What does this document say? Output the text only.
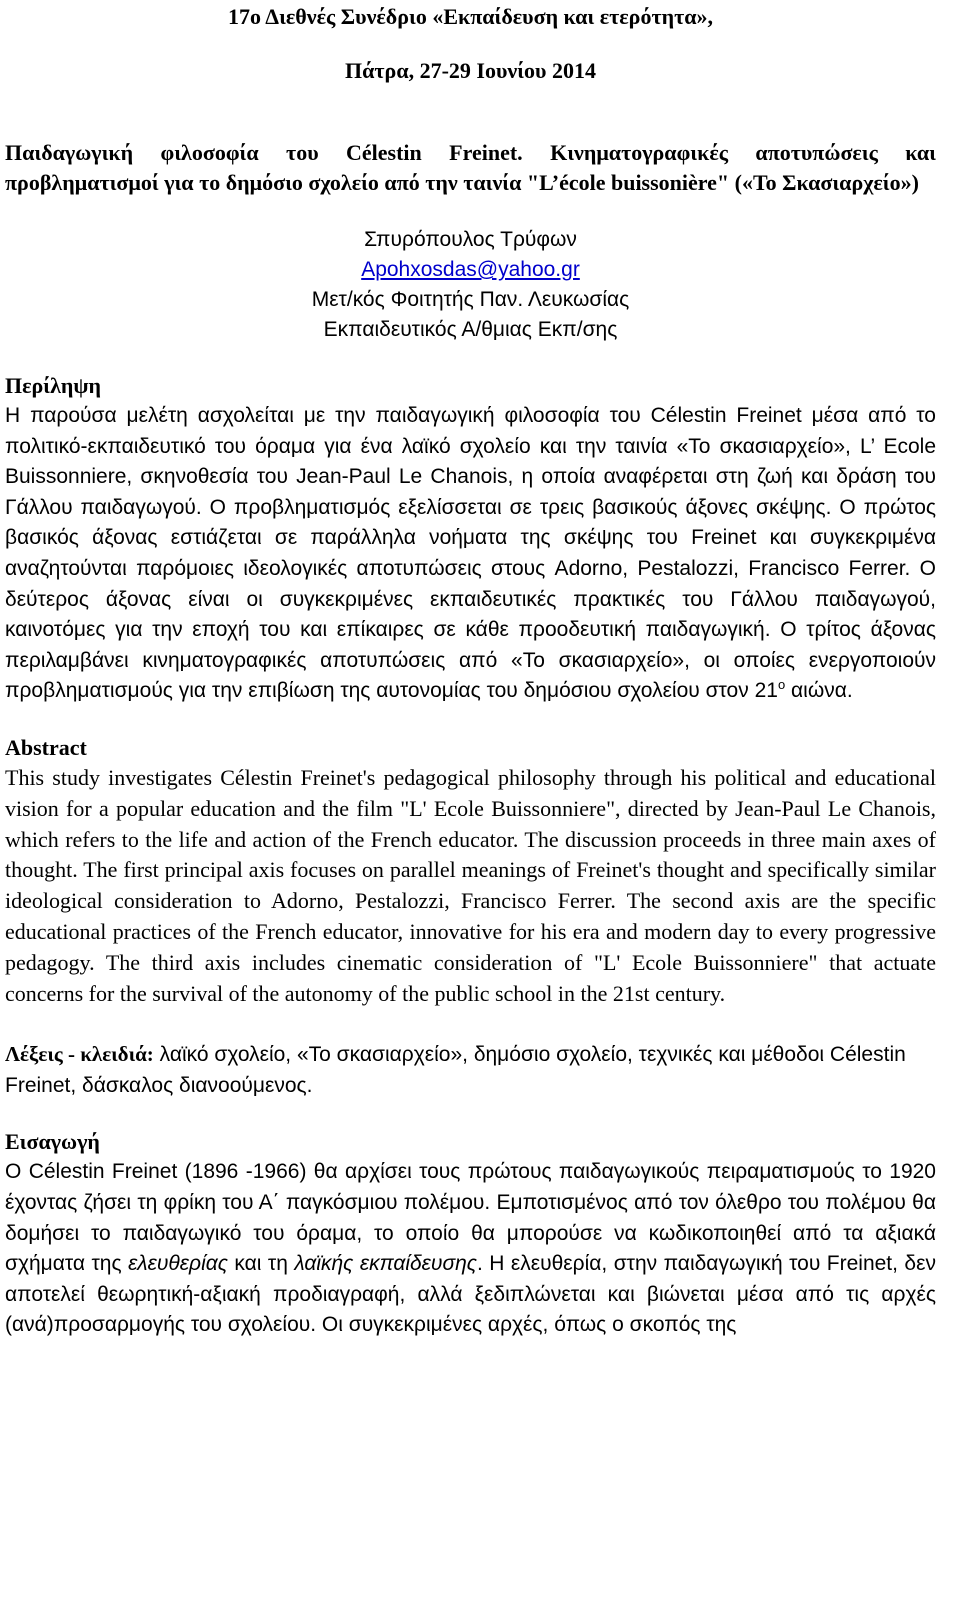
17ο Διεθνές Συνέδριο «Εκπαίδευση και ετερότητα»,
Πάτρα, 27-29 Ιουνίου 2014
Παιδαγωγική φιλοσοφία του Célestin Freinet. Κινηματογραφικές αποτυπώσεις και προβληματισμοί για το δημόσιο σχολείο από την ταινία "L’école buissonière" («Το Σκασιαρχείο»)
Σπυρόπουλος Τρύφων
Apohxosdas@yahoo.gr
Μετ/κός Φοιτητής Παν. Λευκωσίας
Εκπαιδευτικός Α/θμιας Εκπ/σης
Περίληψη

Η παρούσα μελέτη ασχολείται με την παιδαγωγική φιλοσοφία του Célestin Freinet μέσα από το πολιτικό-εκπαιδευτικό του όραμα για ένα λαϊκό σχολείο και την ταινία «Το σκασιαρχείο», L’ Ecole Buissonniere, σκηνοθεσία του Jean-Paul Le Chanois, η οποία αναφέρεται στη ζωή και δράση του Γάλλου παιδαγωγού. Ο προβληματισμός εξελίσσεται σε τρεις βασικούς άξονες σκέψης. Ο πρώτος βασικός άξονας εστιάζεται σε παράλληλα νοήματα της σκέψης του Freinet και συγκεκριμένα αναζητούνται παρόμοιες ιδεολογικές αποτυπώσεις στους Adorno, Pestalozzi, Francisco Ferrer. Ο δεύτερος άξονας είναι οι συγκεκριμένες εκπαιδευτικές πρακτικές του Γάλλου παιδαγωγού, καινοτόμες για την εποχή του και επίκαιρες σε κάθε προοδευτική παιδαγωγική. Ο τρίτος άξονας περιλαμβάνει κινηματογραφικές αποτυπώσεις από «Το σκασιαρχείο», οι οποίες ενεργοποιούν προβληματισμούς για την επιβίωση της αυτονομίας του δημόσιου σχολείου στον $21^o$ αιώνα.

Abstract

This study investigates Célestin Freinet's pedagogical philosophy through his political and educational vision for a popular education and the film "L' Ecole Buissonniere", directed by Jean-Paul Le Chanois, which refers to the life and action of the French educator. The discussion proceeds in three main axes of thought. The first principal axis focuses on parallel meanings of Freinet's thought and specifically similar ideological consideration to Adorno, Pestalozzi, Francisco Ferrer. The second axis are the specific educational practices of the French educator, innovative for his era and modern day to every progressive pedagogy. The third axis includes cinematic consideration of "L' Ecole Buissonniere" that actuate concerns for the survival of the autonomy of the public school in the 21st century.

Λέξεις - κλειδιά: λαϊκό σχολείο, «Το σκασιαρχείο», δημόσιο σχολείο, τεχνικές και μέθοδοι Célestin Freinet, δάσκαλος διανοούμενος.

Εισαγωγή

Ο Célestin Freinet (1896 -1966) θα αρχίσει τους πρώτους παιδαγωγικούς πειραματισμούς το 1920 έχοντας ζήσει τη φρίκη του Α΄ παγκόσμιου πολέμου. Εμποτισμένος από τον όλεθρο του πολέμου θα δομήσει το παιδαγωγικό του όραμα, το οποίο θα μπορούσε να κωδικοποιηθεί από τα αξιακά σχήματα της ελευθερίας και τη λαϊκής εκπαίδευσης. Η ελευθερία, στην παιδαγωγική του Freinet, δεν αποτελεί θεωρητική-αξιακή προδιαγραφή, αλλά ξεδιπλώνεται και βιώνεται μέσα από τις αρχές (ανά)προσαρμογής του σχολείου. Οι συγκεκριμένες αρχές, όπως ο σκοπός της
